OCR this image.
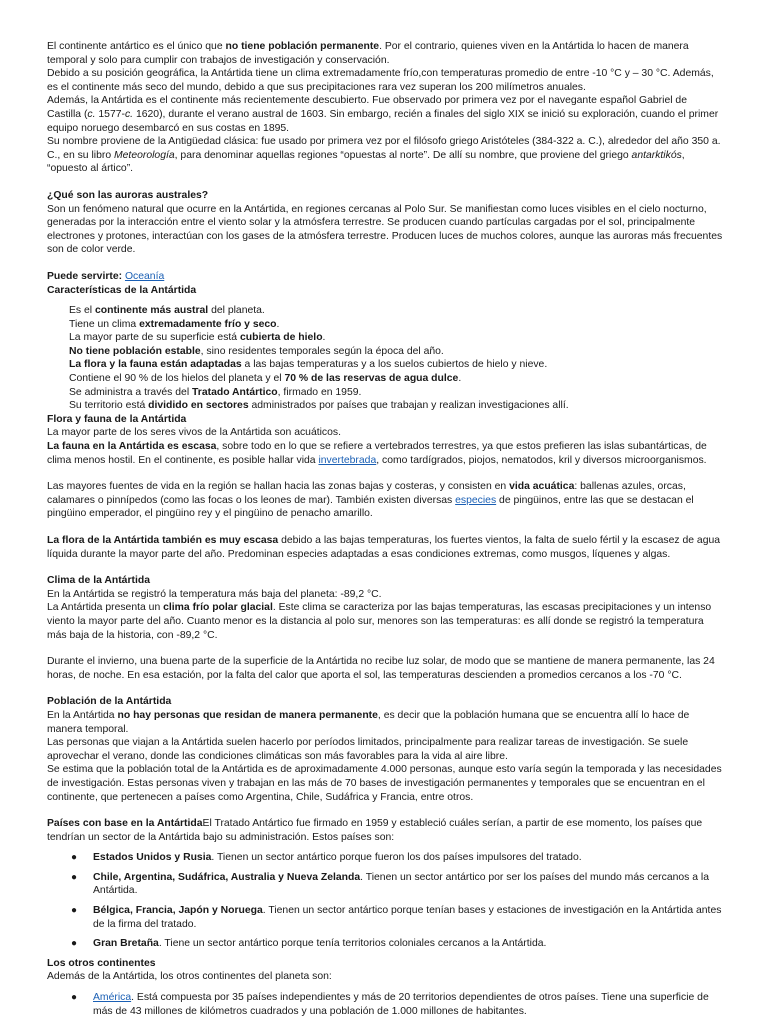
El continente antártico es el único que no tiene población permanente. Por el contrario, quienes viven en la Antártida lo hacen de manera temporal y solo para cumplir con trabajos de investigación y conservación.

Debido a su posición geográfica, la Antártida tiene un clima extremadamente frío,con temperaturas promedio de entre -10 °C y – 30 °C. Además, es el continente más seco del mundo, debido a que sus precipitaciones rara vez superan los 200 milímetros anuales.

Además, la Antártida es el continente más recientemente descubierto. Fue observado por primera vez por el navegante español Gabriel de Castilla (c. 1577-c. 1620), durante el verano austral de 1603. Sin embargo, recién a finales del siglo XIX se inició su exploración, cuando el primer equipo noruego desembarcó en sus costas en 1895.

Su nombre proviene de la Antigüedad clásica: fue usado por primera vez por el filósofo griego Aristóteles (384-322 a. C.), alrededor del año 350 a. C., en su libro Meteorología, para denominar aquellas regiones “opuestas al norte”. De allí su nombre, que proviene del griego antarktikós, “opuesto al ártico”.

¿Qué son las auroras australes?

Son un fenómeno natural que ocurre en la Antártida, en regiones cercanas al Polo Sur. Se manifiestan como luces visibles en el cielo nocturno, generadas por la interacción entre el viento solar y la atmósfera terrestre. Se producen cuando partículas cargadas por el sol, principalmente electrones y protones, interactúan con los gases de la atmósfera terrestre. Producen luces de muchos colores, aunque las auroras más frecuentes son de color verde.

Puede servirte: Oceanía

Características de la Antártida

Es el continente más austral del planeta.

Tiene un clima extremadamente frío y seco.

La mayor parte de su superficie está cubierta de hielo.

No tiene población estable, sino residentes temporales según la época del año.

La flora y la fauna están adaptadas a las bajas temperaturas y a los suelos cubiertos de hielo y nieve.

Contiene el 90 % de los hielos del planeta y el 70 % de las reservas de agua dulce.

Se administra a través del Tratado Antártico, firmado en 1959.

Su territorio está dividido en sectores administrados por países que trabajan y realizan investigaciones allí.

Flora y fauna de la Antártida

La mayor parte de los seres vivos de la Antártida son acuáticos.

La fauna en la Antártida es escasa, sobre todo en lo que se refiere a vertebrados terrestres, ya que estos prefieren las islas subantárticas, de clima menos hostil. En el continente, es posible hallar vida invertebrada, como tardígrados, piojos, nematodos, kril y diversos microorganismos.

Las mayores fuentes de vida en la región se hallan hacia las zonas bajas y costeras, y consisten en vida acuática: ballenas azules, orcas, calamares o pinnípedos (como las focas o los leones de mar). También existen diversas especies de pingüinos, entre las que se destacan el pingüino emperador, el pingüino rey y el pingüino de penacho amarillo.

La flora de la Antártida también es muy escasa debido a las bajas temperaturas, los fuertes vientos, la falta de suelo fértil y la escasez de agua líquida durante la mayor parte del año. Predominan especies adaptadas a esas condiciones extremas, como musgos, líquenes y algas.

Clima de la Antártida

En la Antártida se registró la temperatura más baja del planeta: -89,2 °C.

La Antártida presenta un clima frío polar glacial. Este clima se caracteriza por las bajas temperaturas, las escasas precipitaciones y un intenso viento la mayor parte del año. Cuanto menor es la distancia al polo sur, menores son las temperaturas: es allí donde se registró la temperatura más baja de la historia, con -89,2 °C.

Durante el invierno, una buena parte de la superficie de la Antártida no recibe luz solar, de modo que se mantiene de manera permanente, las 24 horas, de noche. En esa estación, por la falta del calor que aporta el sol, las temperaturas descienden a promedios cercanos a los -70 °C.

Población de la Antártida

En la Antártida no hay personas que residan de manera permanente, es decir que la población humana que se encuentra allí lo hace de manera temporal.

Las personas que viajan a la Antártida suelen hacerlo por períodos limitados, principalmente para realizar tareas de investigación. Se suele aprovechar el verano, donde las condiciones climáticas son más favorables para la vida al aire libre.

Se estima que la población total de la Antártida es de aproximadamente 4.000 personas, aunque esto varía según la temporada y las necesidades de investigación. Estas personas viven y trabajan en las más de 70 bases de investigación permanentes y temporales que se encuentran en el continente, que pertenecen a países como Argentina, Chile, Sudáfrica y Francia, entre otros.

Países con base en la AntártidaEl Tratado Antártico fue firmado en 1959 y estableció cuáles serían, a partir de ese momento, los países que tendrían un sector de la Antártida bajo su administración. Estos países son:

● Estados Unidos y Rusia. Tienen un sector antártico porque fueron los dos países impulsores del tratado.
● Chile, Argentina, Sudáfrica, Australia y Nueva Zelanda. Tienen un sector antártico por ser los países del mundo más cercanos a la Antártida.
● Bélgica, Francia, Japón y Noruega. Tienen un sector antártico porque tenían bases y estaciones de investigación en la Antártida antes de la firma del tratado.
● Gran Bretaña. Tiene un sector antártico porque tenía territorios coloniales cercanos a la Antártida.

Los otros continentes

Además de la Antártida, los otros continentes del planeta son:

● América. Está compuesta por 35 países independientes y más de 20 territorios dependientes de otros países. Tiene una superficie de más de 43 millones de kilómetros cuadrados y una población de 1.000 millones de habitantes.
